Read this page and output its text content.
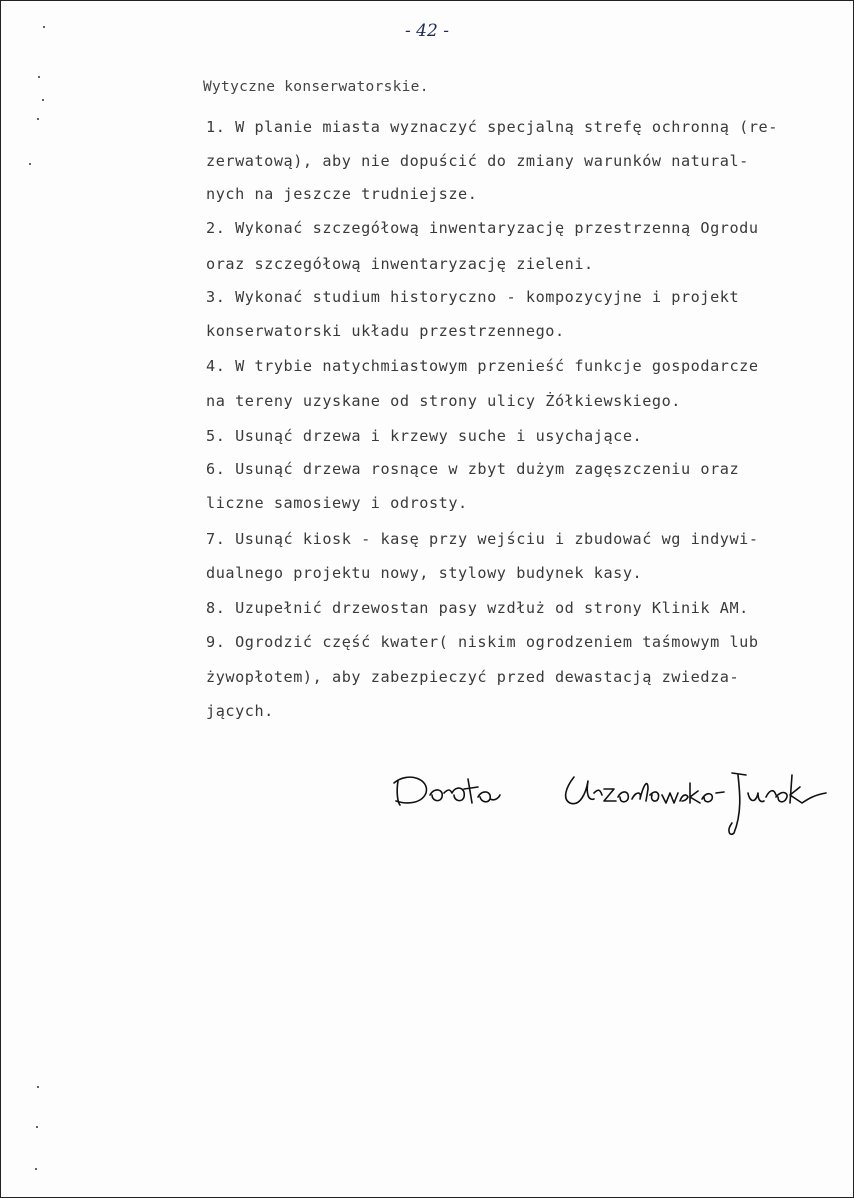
- 42 -
Wytyczne konserwatorskie.
1. W planie miasta wyznaczyć specjalną strefę ochronną (re-
zerwatową), aby nie dopuścić do zmiany warunków natural-
nych na jeszcze trudniejsze.
2. Wykonać szczegółową inwentaryzację przestrzenną Ogrodu
oraz szczegółową inwentaryzację zieleni.
3. Wykonać studium historyczno - kompozycyjne i projekt
konserwatorski układu przestrzennego.
4. W trybie natychmiastowym przenieść funkcje gospodarcze
na tereny uzyskane od strony ulicy Żółkiewskiego.
5. Usunąć drzewa i krzewy suche i usychające.
6. Usunąć drzewa rosnące w zbyt dużym zagęszczeniu oraz
liczne samosiewy i odrosty.
7. Usunąć kiosk - kasę przy wejściu i zbudować wg indywi-
dualnego projektu nowy, stylowy budynek kasy.
8. Uzupełnić drzewostan pasy wzdłuż od strony Klinik AM.
9. Ogrodzić część kwater( niskim ogrodzeniem taśmowym lub
żywopłotem), aby zabezpieczyć przed dewastacją zwiedza-
jących.
